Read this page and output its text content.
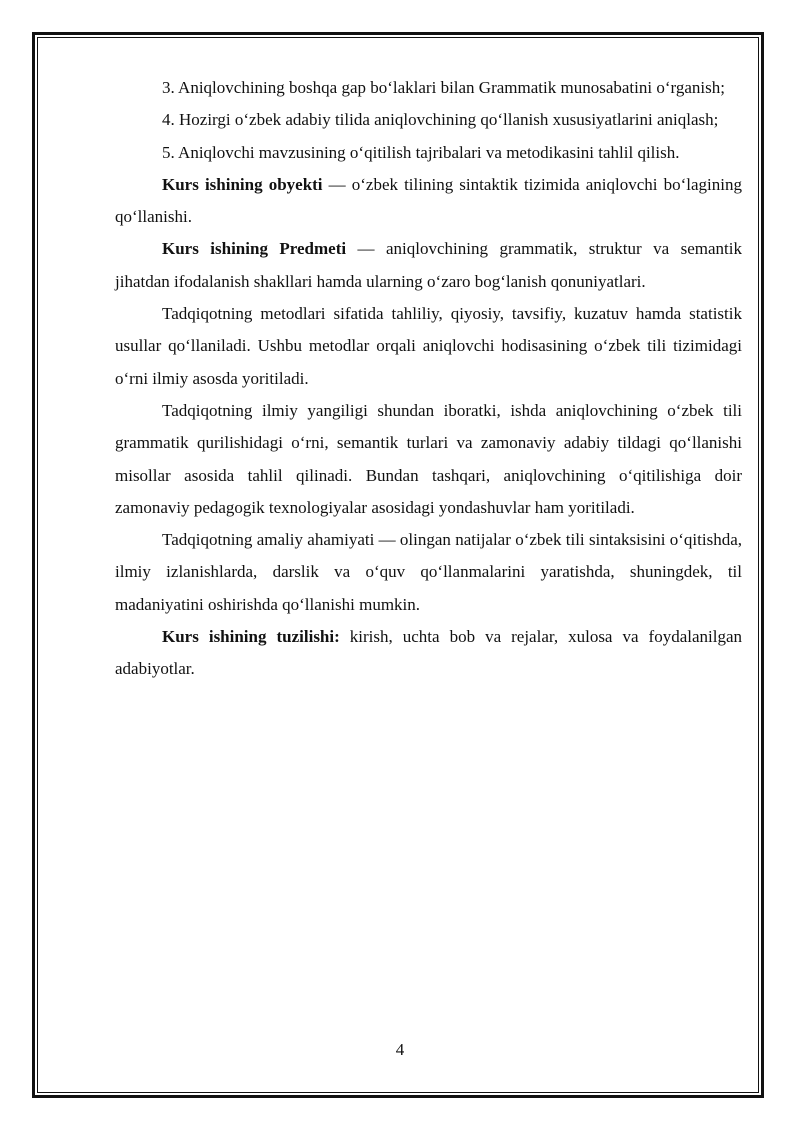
3. Aniqlovchining boshqa gap bo‘laklari bilan Grammatik munosabatini o‘rganish;

4. Hozirgi o‘zbek adabiy tilida aniqlovchining qo‘llanish xususiyatlarini aniqlash;

5. Aniqlovchi mavzusining o‘qitilish tajribalari va metodikasini tahlil qilish.

Kurs ishining obyekti — o‘zbek tilining sintaktik tizimida aniqlovchi bo‘lagining qo‘llanishi.

Kurs ishining Predmeti — aniqlovchining grammatik, struktur va semantik jihatdan ifodalanish shakllari hamda ularning o‘zaro bog‘lanish qonuniyatlari.

Tadqiqotning metodlari sifatida tahliliy, qiyosiy, tavsifiy, kuzatuv hamda statistik usullar qo‘llaniladi. Ushbu metodlar orqali aniqlovchi hodisasining o‘zbek tili tizimidagi o‘rni ilmiy asosda yoritiladi.

Tadqiqotning ilmiy yangiligi shundan iboratki, ishda aniqlovchining o‘zbek tili grammatik qurilishidagi o‘rni, semantik turlari va zamonaviy adabiy tildagi qo‘llanishi misollar asosida tahlil qilinadi. Bundan tashqari, aniqlovchining o‘qitilishiga doir zamonaviy pedagogik texnologiyalar asosidagi yondashuvlar ham yoritiladi.

Tadqiqotning amaliy ahamiyati — olingan natijalar o‘zbek tili sintaksisini o‘qitishda, ilmiy izlanishlarda, darslik va o‘quv qo‘llanmalarini yaratishda, shuningdek, til madaniyatini oshirishda qo‘llanishi mumkin.

Kurs ishining tuzilishi: kirish, uchta bob va rejalar, xulosa va foydalanilgan adabiyotlar.

4
